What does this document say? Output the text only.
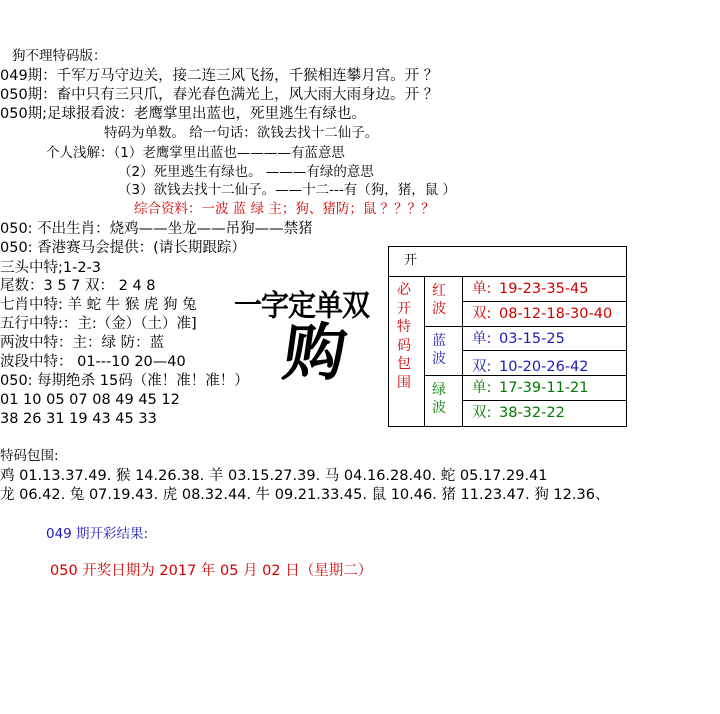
狗不理特码版：
049期：千军万马守边关，接二连三风飞扬，千猴相连攀月宫。开 ？
050期：畜中只有三只爪，春光春色满光上，风大雨大雨身边。开 ？
050期;足球报看波：老鹰掌里出蓝也，死里逃生有绿也。
特码为单数。 给一句话：欲钱去找十二仙子。
个人浅解：（1）老鹰掌里出蓝也————有蓝意思
（2）死里逃生有绿也。 ———有绿的意思
（3）欲钱去找十二仙子。——十二---有（狗，猪，鼠 ）
综合资料：一波 蓝 绿 主；狗、猪防；鼠 ？？？？
050: 不出生肖：烧鸡——坐龙——吊狗——禁猪
050: 香港赛马会提供：(请长期跟踪）
三头中特;1-2-3
尾数：3 5 7 双： 2 4 8
七肖中特: 羊 蛇 牛 猴 虎 狗 兔
五行中特:：主:（金）（土）准]
两波中特：主：绿 防：蓝
波段中特： 01---10 20—40
050: 每期绝杀 15码（准！准！准！）
01 10 05 07 08 49 45 12
38 26 31 19 43 45 33
一字定单双
购
开
必开特码包围
红波
单: 19-23-35-45
双: 08-12-18-30-40
蓝波
单: 03-15-25
双: 10-20-26-42
绿波
单: 17-39-11-21
双: 38-32-22
特码包围:
鸡 01.13.37.49. 猴 14.26.38. 羊 03.15.27.39. 马 04.16.28.40. 蛇 05.17.29.41
龙 06.42. 兔 07.19.43. 虎 08.32.44. 牛 09.21.33.45. 鼠 10.46. 猪 11.23.47. 狗 12.36、
049 期开彩结果:
050 开奖日期为 2017 年 05 月 02 日（星期二）
